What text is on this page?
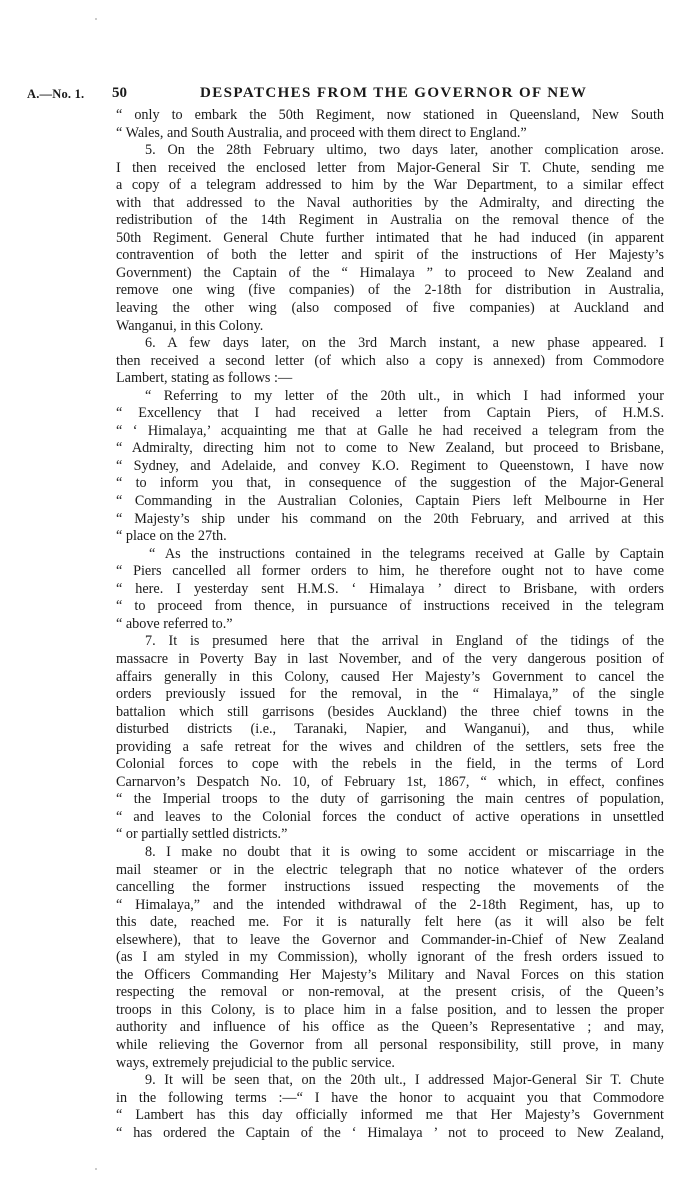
A.—No. 1. 50	DESPATCHES FROM THE GOVERNOR OF NEW
“ only to embark the 50th Regiment, now stationed in Queensland, New South
“ Wales, and South Australia, and proceed with them direct to England.”
5. On the 28th February ultimo, two days later, another complication arose.
I then received the enclosed letter from Major-General Sir T. Chute, sending me
a copy of a telegram addressed to him by the War Department, to a similar effect
with that addressed to the Naval authorities by the Admiralty, and directing the
redistribution of the 14th Regiment in Australia on the removal thence of the
50th Regiment. General Chute further intimated that he had induced (in apparent
contravention of both the letter and spirit of the instructions of Her Majesty’s
Government) the Captain of the “ Himalaya ” to proceed to New Zealand and
remove one wing (five companies) of the 2-18th for distribution in Australia,
leaving the other wing (also composed of five companies) at Auckland and
Wanganui, in this Colony.
6. A few days later, on the 3rd March instant, a new phase appeared. I
then received a second letter (of which also a copy is annexed) from Commodore
Lambert, stating as follows :—
“ Referring to my letter of the 20th ult., in which I had informed your
“ Excellency that I had received a letter from Captain Piers, of H.M.S.
“ ‘ Himalaya,’ acquainting me that at Galle he had received a telegram from the
“ Admiralty, directing him not to come to New Zealand, but proceed to Brisbane,
“ Sydney, and Adelaide, and convey K.O. Regiment to Queenstown, I have now
“ to inform you that, in consequence of the suggestion of the Major-General
“ Commanding in the Australian Colonies, Captain Piers left Melbourne in Her
“ Majesty’s ship under his command on the 20th February, and arrived at this
“ place on the 27th.
“ As the instructions contained in the telegrams received at Galle by Captain
“ Piers cancelled all former orders to him, he therefore ought not to have come
“ here. I yesterday sent H.M.S. ‘ Himalaya ’ direct to Brisbane, with orders
“ to proceed from thence, in pursuance of instructions received in the telegram
“ above referred to.”
7. It is presumed here that the arrival in England of the tidings of the
massacre in Poverty Bay in last November, and of the very dangerous position of
affairs generally in this Colony, caused Her Majesty’s Government to cancel the
orders previously issued for the removal, in the “ Himalaya,” of the single
battalion which still garrisons (besides Auckland) the three chief towns in the
disturbed districts (i.e., Taranaki, Napier, and Wanganui), and thus, while
providing a safe retreat for the wives and children of the settlers, sets free the
Colonial forces to cope with the rebels in the field, in the terms of Lord
Carnarvon’s Despatch No. 10, of February 1st, 1867, “ which, in effect, confines
“ the Imperial troops to the duty of garrisoning the main centres of population,
“ and leaves to the Colonial forces the conduct of active operations in unsettled
“ or partially settled districts.”
8. I make no doubt that it is owing to some accident or miscarriage in the
mail steamer or in the electric telegraph that no notice whatever of the orders
cancelling the former instructions issued respecting the movements of the
“ Himalaya,” and the intended withdrawal of the 2-18th Regiment, has, up to
this date, reached me. For it is naturally felt here (as it will also be felt
elsewhere), that to leave the Governor and Commander-in-Chief of New Zealand
(as I am styled in my Commission), wholly ignorant of the fresh orders issued to
the Officers Commanding Her Majesty’s Military and Naval Forces on this station
respecting the removal or non-removal, at the present crisis, of the Queen’s
troops in this Colony, is to place him in a false position, and to lessen the proper
authority and influence of his office as the Queen’s Representative ; and may,
while relieving the Governor from all personal responsibility, still prove, in many
ways, extremely prejudicial to the public service.
9. It will be seen that, on the 20th ult., I addressed Major-General Sir T. Chute
in the following terms :—“ I have the honor to acquaint you that Commodore
“ Lambert has this day officially informed me that Her Majesty’s Government
“ has ordered the Captain of the ‘ Himalaya ’ not to proceed to New Zealand,
